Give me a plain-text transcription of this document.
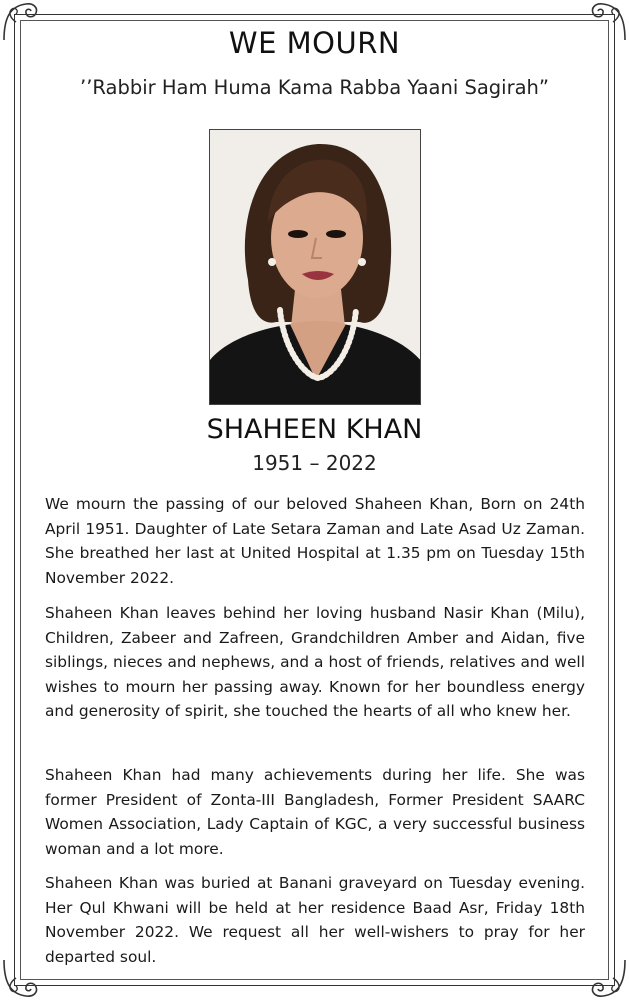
WE MOURN
’’Rabbir Ham Huma Kama Rabba Yaani Sagirah”
SHAHEEN KHAN
1951 – 2022

We mourn the passing of our beloved Shaheen Khan, Born on 24th April 1951. Daughter of Late Setara Zaman and Late Asad Uz Zaman. She breathed her last at United Hospital at 1.35 pm on Tuesday 15th November 2022.

Shaheen Khan leaves behind her loving husband Nasir Khan (Milu), Children, Zabeer and Zafreen, Grandchildren Amber and Aidan, five siblings, nieces and nephews, and a host of friends, relatives and well wishes to mourn her passing away. Known for her boundless energy and generosity of spirit, she touched the hearts of all who knew her.

Shaheen Khan had many achievements during her life. She was former President of Zonta-III Bangladesh, Former President SAARC Women Association, Lady Captain of KGC, a very successful business woman and a lot more.

Shaheen Khan was buried at Banani graveyard on Tuesday evening. Her Qul Khwani will be held at her residence Baad Asr, Friday 18th November 2022. We request all her well-wishers to pray for her departed soul.
